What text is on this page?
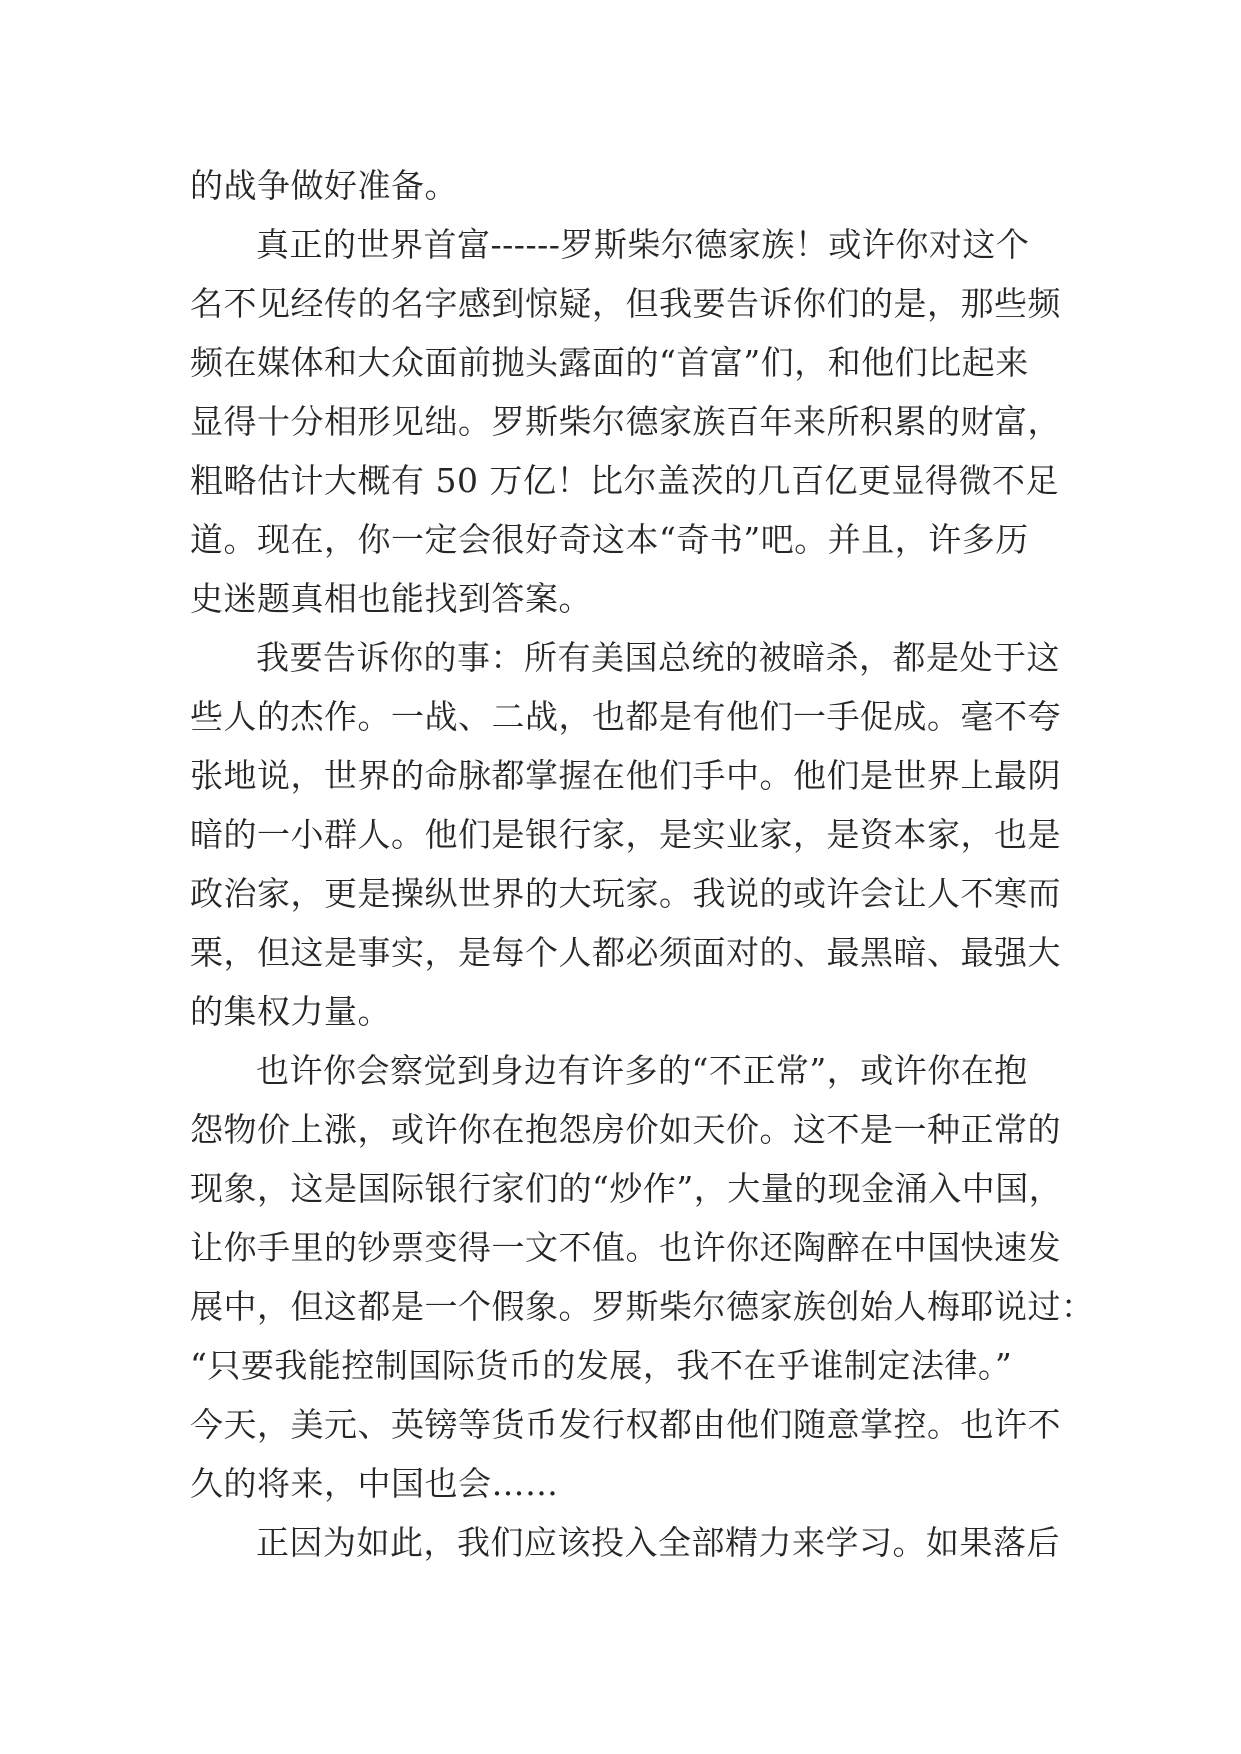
的战争做好准备。
真正的世界首富------罗斯柴尔德家族！或许你对这个
名不见经传的名字感到惊疑，但我要告诉你们的是，那些频
频在媒体和大众面前抛头露面的“首富”们，和他们比起来
显得十分相形见绌。罗斯柴尔德家族百年来所积累的财富，
粗略估计大概有 50 万亿！比尔盖茨的几百亿更显得微不足
道。现在，你一定会很好奇这本“奇书”吧。并且，许多历
史迷题真相也能找到答案。
我要告诉你的事：所有美国总统的被暗杀，都是处于这
些人的杰作。一战、二战，也都是有他们一手促成。毫不夸
张地说，世界的命脉都掌握在他们手中。他们是世界上最阴
暗的一小群人。他们是银行家，是实业家，是资本家，也是
政治家，更是操纵世界的大玩家。我说的或许会让人不寒而
栗，但这是事实，是每个人都必须面对的、最黑暗、最强大
的集权力量。
也许你会察觉到身边有许多的“不正常”，或许你在抱
怨物价上涨，或许你在抱怨房价如天价。这不是一种正常的
现象，这是国际银行家们的“炒作”，大量的现金涌入中国，
让你手里的钞票变得一文不值。也许你还陶醉在中国快速发
展中，但这都是一个假象。罗斯柴尔德家族创始人梅耶说过：
“只要我能控制国际货币的发展，我不在乎谁制定法律。”
今天，美元、英镑等货币发行权都由他们随意掌控。也许不
久的将来，中国也会……
正因为如此，我们应该投入全部精力来学习。如果落后
